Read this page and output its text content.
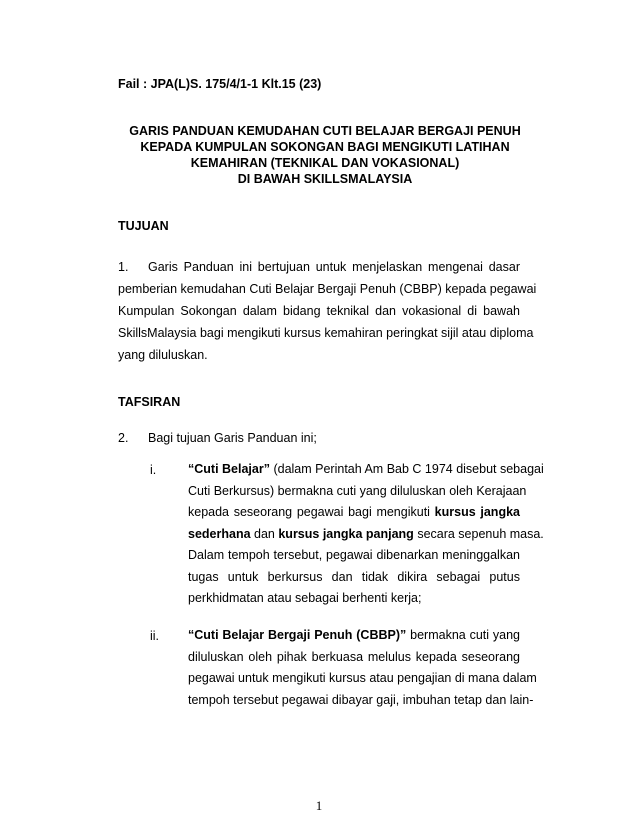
Fail : JPA(L)S. 175/4/1-1 Klt.15 (23)
GARIS PANDUAN KEMUDAHAN CUTI BELAJAR BERGAJI PENUH
KEPADA KUMPULAN SOKONGAN BAGI MENGIKUTI LATIHAN
KEMAHIRAN (TEKNIKAL DAN VOKASIONAL)
DI BAWAH SKILLSMALAYSIA
TUJUAN
1.	Garis Panduan ini bertujuan untuk menjelaskan mengenai dasar
pemberian kemudahan Cuti Belajar Bergaji Penuh (CBBP) kepada pegawai
Kumpulan Sokongan dalam bidang teknikal dan vokasional di bawah
SkillsMalaysia bagi mengikuti kursus kemahiran peringkat sijil atau diploma
yang diluluskan.
TAFSIRAN
2.	Bagi tujuan Garis Panduan ini;
i.	“Cuti Belajar” (dalam Perintah Am Bab C 1974 disebut sebagai
Cuti Berkursus) bermakna cuti yang diluluskan oleh Kerajaan
kepada seseorang pegawai bagi mengikuti kursus jangka
sederhana dan kursus jangka panjang secara sepenuh masa.
Dalam tempoh tersebut, pegawai dibenarkan meninggalkan
tugas untuk berkursus dan tidak dikira sebagai putus
perkhidmatan atau sebagai berhenti kerja;
ii. “Cuti Belajar Bergaji Penuh (CBBP)” bermakna cuti yang
diluluskan oleh pihak berkuasa melulus kepada seseorang
pegawai untuk mengikuti kursus atau pengajian di mana dalam
tempoh tersebut pegawai dibayar gaji, imbuhan tetap dan lain-
1
